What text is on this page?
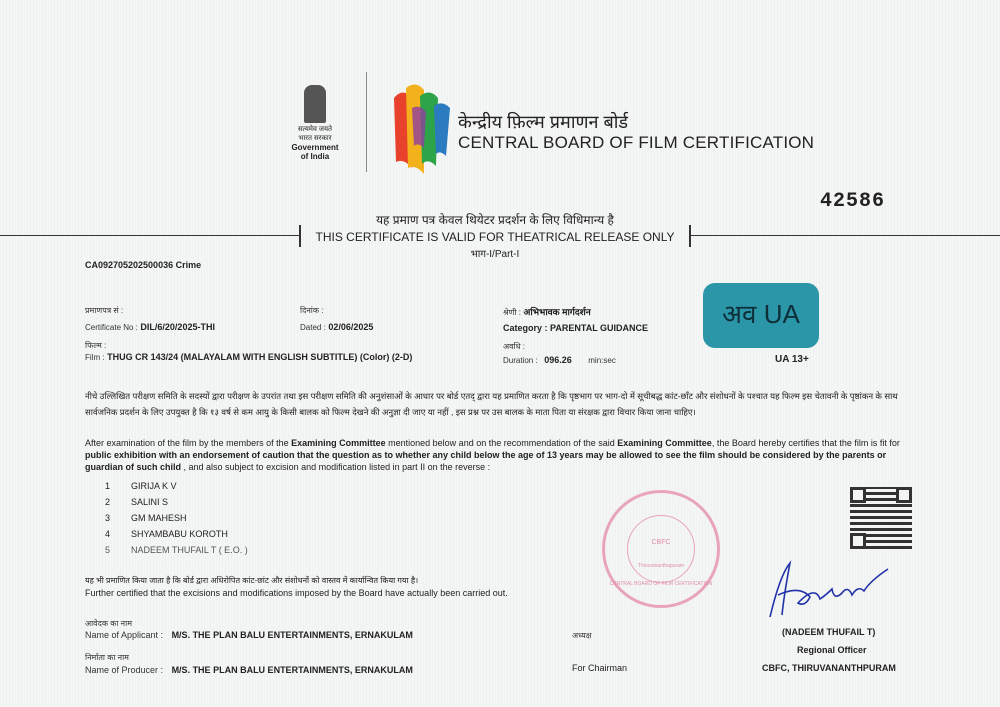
सत्यमेव जयते
भारत सरकार
Government of India
केन्द्रीय फ़िल्म प्रमाणन बोर्ड
CENTRAL BOARD OF FILM CERTIFICATION
42586
यह प्रमाण पत्र केवल थियेटर प्रदर्शन के लिए विधिमान्य है
THIS CERTIFICATE IS VALID FOR THEATRICAL RELEASE ONLY
भाग-I/Part-I
CA092705202500036 Crime
प्रमाणपत्र सं :
Certificate No : DIL/6/20/2025-THI
दिनांक :
Dated : 02/06/2025
श्रेणी : अभिभावक मार्गदर्शन
Category : PARENTAL GUIDANCE
फिल्म :
Film : THUG CR 143/24 (MALAYALAM WITH ENGLISH SUBTITLE) (Color) (2-D)
अवधि :
Duration : 096.26 min:sec
अव UA
UA 13+
नीचे उल्लिखित परीक्षण समिति के सदस्यों द्वारा परीक्षण के उपरांत तथा इस परीक्षण समिति की अनुशंसाओं के आधार पर बोर्ड एतद् द्वारा यह प्रमाणित करता है कि पृष्ठभाग पर भाग-दो में सूचीबद्ध कांट-छाँट और संशोधनों के पश्चात यह फिल्म इस चेतावनी के पृष्ठांकन के साथ सार्वजनिक प्रदर्शन के लिए उपयुक्त है कि १३ वर्ष से कम आयु के किसी बालक को फिल्म देखने की अनुज्ञा दी जाए या नहीं , इस प्रश्न पर उस बालक के माता पिता या संरक्षक द्वारा विचार किया जाना चाहिए।
After examination of the film by the members of the Examining Committee mentioned below and on the recommendation of the said Examining Committee, the Board hereby certifies that the film is fit for public exhibition with an endorsement of caution that the question as to whether any child below the age of 13 years may be allowed to see the film should be considered by the parents or guardian of such child , and also subject to excision and modification listed in part II on the reverse :
1 GIRIJA K V
2 SALINI S
3 GM MAHESH
4 SHYAMBABU KOROTH
5 NADEEM THUFAIL T ( E.O. )
CBFC
CENTRAL BOARD OF FILM CERTIFICATION
Thiruvananthapuram
यह भी प्रमाणित किया जाता है कि बोर्ड द्वारा अधिरोपित कांट-छांट और संशोधनों को वास्तव में कार्यान्वित किया गया है।
Further certified that the excisions and modifications imposed by the Board have actually been carried out.
आवेदक का नाम
Name of Applicant : M/S. THE PLAN BALU ENTERTAINMENTS, ERNAKULAM
निर्माता का नाम
Name of Producer : M/S. THE PLAN BALU ENTERTAINMENTS, ERNAKULAM
अध्यक्ष
For Chairman
(NADEEM THUFAIL T)
Regional Officer
CBFC, THIRUVANANTHPURAM
